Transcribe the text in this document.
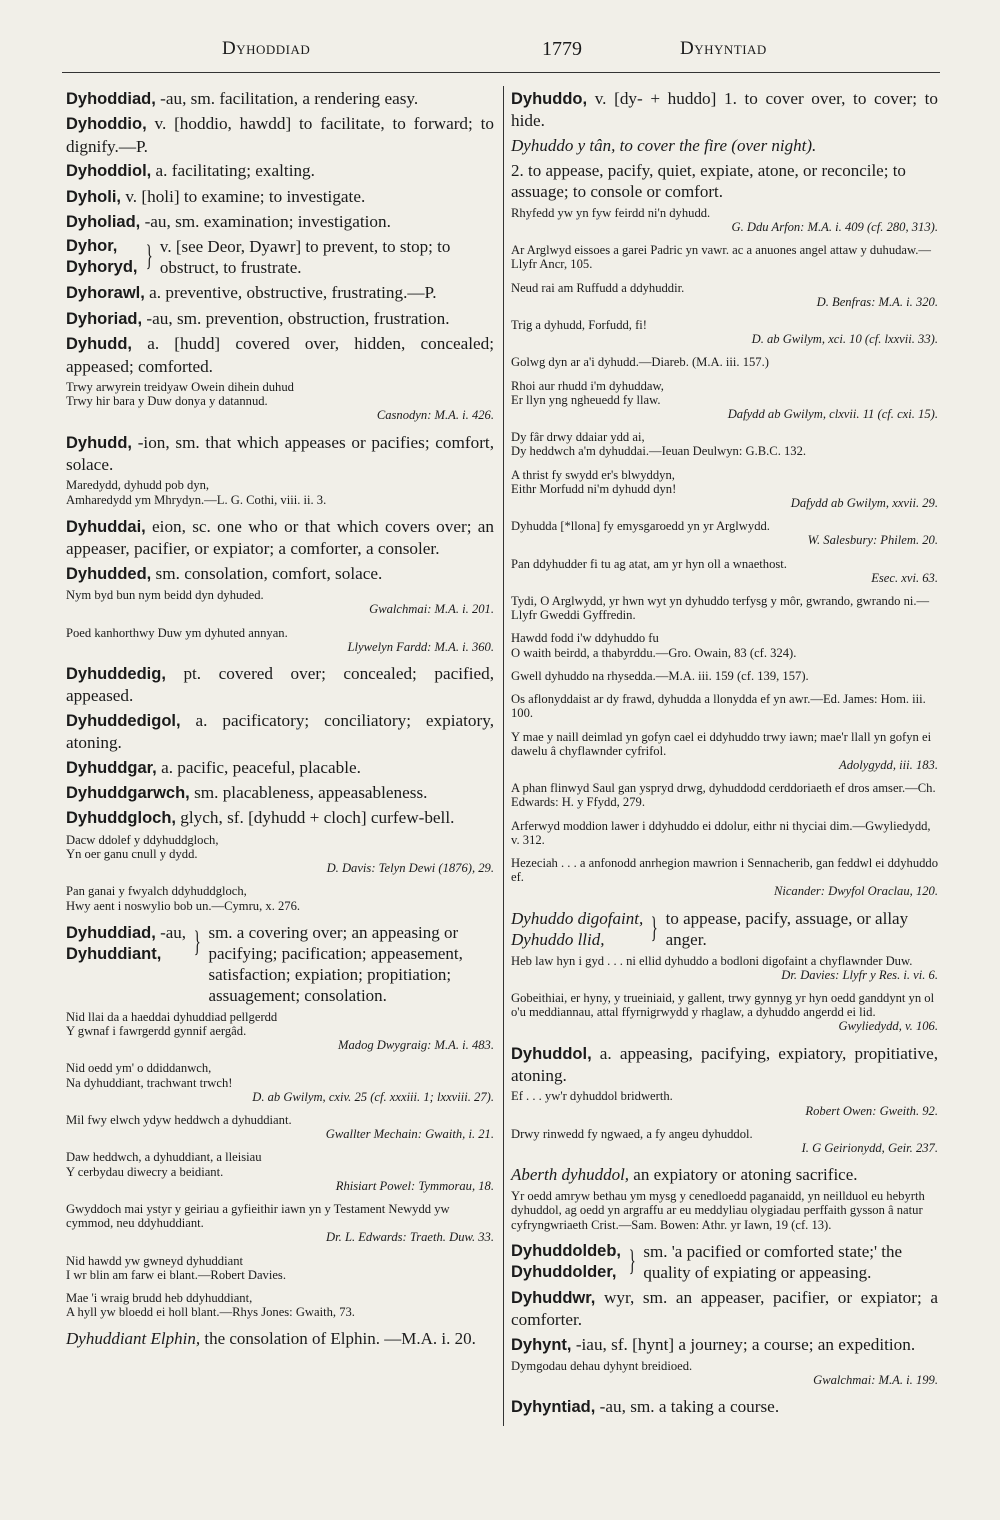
Dyhoddiad	1779	Dyhyntiad
Dyhoddiad, -au, sm. facilitation, a rendering easy.
Dyhoddio, v. [hoddio, hawdd] to facilitate, to forward; to dignify.—P.
Dyhoddiol, a. facilitating; exalting.
Dyholi, v. [holi] to examine; to investigate.
Dyholiad, -au, sm. examination; investigation.
Dyhor,
Dyhoryd, } v. [see Deor, Dyawr] to prevent, to stop; to obstruct, to frustrate.
Dyhorawl, a. preventive, obstructive, frustrating.—P.
Dyhoriad, -au, sm. prevention, obstruction, frustration.
Dyhudd, a. [hudd] covered over, hidden, concealed; appeased; comforted.
Trwy arwyrein treidyaw Owein dihein duhud
Trwy hir bara y Duw donya y datannud.
Casnodyn: M.A. i. 426.
Dyhudd, -ion, sm. that which appeases or pacifies; comfort, solace.
Maredydd, dyhudd pob dyn,
Amharedydd ym Mhrydyn.—L. G. Cothi, viii. ii. 3.
Dyhuddai, eion, sc. one who or that which covers over; an appeaser, pacifier, or expiator; a comforter, a consoler.
Dyhudded, sm. consolation, comfort, solace.
Nym byd bun nym beidd dyn dyhuded.
Gwalchmai: M.A. i. 201.
Poed kanhorthwy Duw ym dyhuted annyan.
Llywelyn Fardd: M.A. i. 360.
Dyhuddedig, pt. covered over; concealed; pacified, appeased.
Dyhuddedigol, a. pacificatory; conciliatory; expiatory, atoning.
Dyhuddgar, a. pacific, peaceful, placable.
Dyhuddgarwch, sm. placableness, appeasableness.
Dyhuddgloch, glych, sf. [dyhudd + cloch] curfew-bell.
Dacw ddolef y ddyhuddgloch,
Yn oer ganu cnull y dydd.
D. Davis: Telyn Dewi (1876), 29.
Pan ganai y fwyalch ddyhuddgloch,
Hwy aent i noswylio bob un.—Cymru, x. 276.
Dyhuddiad, -au,
Dyhuddiant,	} sm. a covering over; an appeasing or pacifying; pacification; appeasement, satisfaction; expiation; propitiation; assuagement; consolation.
Nid llai da a haeddai dyhuddiad pellgerdd
Y gwnaf i fawrgerdd gynnif aergâd.
Madog Dwygraig: M.A. i. 483.
Nid oedd ym' o ddiddanwch,
Na dyhuddiant, trachwant trwch!
D. ab Gwilym, cxiv. 25 (cf. xxxiii. 1; lxxviii. 27).
Mil fwy elwch ydyw heddwch a dyhuddiant.
Gwallter Mechain: Gwaith, i. 21.
Daw heddwch, a dyhuddiant, a lleisiau
Y cerbydau diwecry a beidiant.
Rhisiart Powel: Tymmorau, 18.
Gwyddoch mai ystyr y geiriau a gyfieithir iawn yn y Testament Newydd yw cymmod, neu ddyhuddiant.
Dr. L. Edwards: Traeth. Duw. 33.
Nid hawdd yw gwneyd dyhuddiant
I wr blin am farw ei blant.—Robert Davies.
Mae 'i wraig brudd heb ddyhuddiant,
A hyll yw bloedd ei holl blant.—Rhys Jones: Gwaith, 73.
Dyhuddiant Elphin, the consolation of Elphin. —M.A. i. 20.
Dyhuddo, v. [dy- + huddo] 1. to cover over, to cover; to hide.
Dyhuddo y tân, to cover the fire (over night).
2. to appease, pacify, quiet, expiate, atone, or reconcile; to assuage; to console or comfort.
Rhyfedd yw yn fyw feirdd ni'n dyhudd.
G. Ddu Arfon: M.A. i. 409 (cf. 280, 313).
Ar Arglwyd eissoes a garei Padric yn vawr. ac a anuones angel attaw y duhudaw.—Llyfr Ancr, 105.
Neud rai am Ruffudd a ddyhuddir.
D. Benfras: M.A. i. 320.
Trig a dyhudd, Forfudd, fi!
D. ab Gwilym, xci. 10 (cf. lxxvii. 33).
Golwg dyn ar a'i dyhudd.—Diareb. (M.A. iii. 157.)
Rhoi aur rhudd i'm dyhuddaw,
Er llyn yng ngheuedd fy llaw.
Dafydd ab Gwilym, clxvii. 11 (cf. cxi. 15).
Dy fâr drwy ddaiar ydd ai,
Dy heddwch a'm dyhuddai.—Ieuan Deulwyn: G.B.C. 132.
A thrist fy swydd er's blwyddyn,
Eithr Morfudd ni'm dyhudd dyn!
Dafydd ab Gwilym, xxvii. 29.
Dyhudda [*llona] fy emysgaroedd yn yr Arglwydd.
W. Salesbury: Philem. 20.
Pan ddyhudder fi tu ag atat, am yr hyn oll a wnaethost.
Esec. xvi. 63.
Tydi, O Arglwydd, yr hwn wyt yn dyhuddo terfysg y môr, gwrando, gwrando ni.—Llyfr Gweddi Gyffredin.
Hawdd fodd i'w ddyhuddo fu
O waith beirdd, a thabyrddu.—Gro. Owain, 83 (cf. 324).
Gwell dyhuddo na rhysedda.—M.A. iii. 159 (cf. 139, 157).
Os aflonyddaist ar dy frawd, dyhudda a llonydda ef yn awr.—Ed. James: Hom. iii. 100.
Y mae y naill deimlad yn gofyn cael ei ddyhuddo trwy iawn; mae'r llall yn gofyn ei dawelu â chyflawnder cyfrifol.
Adolygydd, iii. 183.
A phan flinwyd Saul gan yspryd drwg, dyhuddodd cerddoriaeth ef dros amser.—Ch. Edwards: H. y Ffydd, 279.
Arferwyd moddion lawer i ddyhuddo ei ddolur, eithr ni thyciai dim.—Gwyliedydd, v. 312.
Hezeciah . . . a anfonodd anrhegion mawrion i Sennacherib, gan feddwl ei ddyhuddo ef.
Nicander: Dwyfol Oraclau, 120.
Dyhuddo digofaint,
Dyhuddo llid,	} to appease, pacify, assuage, or allay anger.
Heb law hyn i gyd . . . ni ellid dyhuddo a bodloni digofaint a chyflawnder Duw.
Dr. Davies: Llyfr y Res. i. vi. 6.
Gobeithiai, er hyny, y trueiniaid, y gallent, trwy gynnyg yr hyn oedd ganddynt yn ol o'u meddiannau, attal ffyrnigrwydd y rhaglaw, a dyhuddo angerdd ei lid.
Gwyliedydd, v. 106.
Dyhuddol, a. appeasing, pacifying, expiatory, propitiative, atoning.
Ef . . . yw'r dyhuddol bridwerth.
Robert Owen: Gweith. 92.
Drwy rinwedd fy ngwaed, a fy angeu dyhuddol.
I. G Geirionydd, Geir. 237.
Aberth dyhuddol, an expiatory or atoning sacrifice.
Yr oedd amryw bethau ym mysg y cenedloedd paganaidd, yn neillduol eu hebyrth dyhuddol, ag oedd yn argraffu ar eu meddyliau olygiadau perffaith gysson â natur cyfryngwriaeth Crist.—Sam. Bowen: Athr. yr Iawn, 19 (cf. 13).
Dyhuddoldeb,
Dyhuddolder, } sm. 'a pacified or comforted state;' the quality of expiating or appeasing.
Dyhuddwr, wyr, sm. an appeaser, pacifier, or expiator; a comforter.
Dyhynt, -iau, sf. [hynt] a journey; a course; an expedition.
Dymgodau dehau dyhynt breidioed.
Gwalchmai: M.A. i. 199.
Dyhyntiad, -au, sm. a taking a course.
